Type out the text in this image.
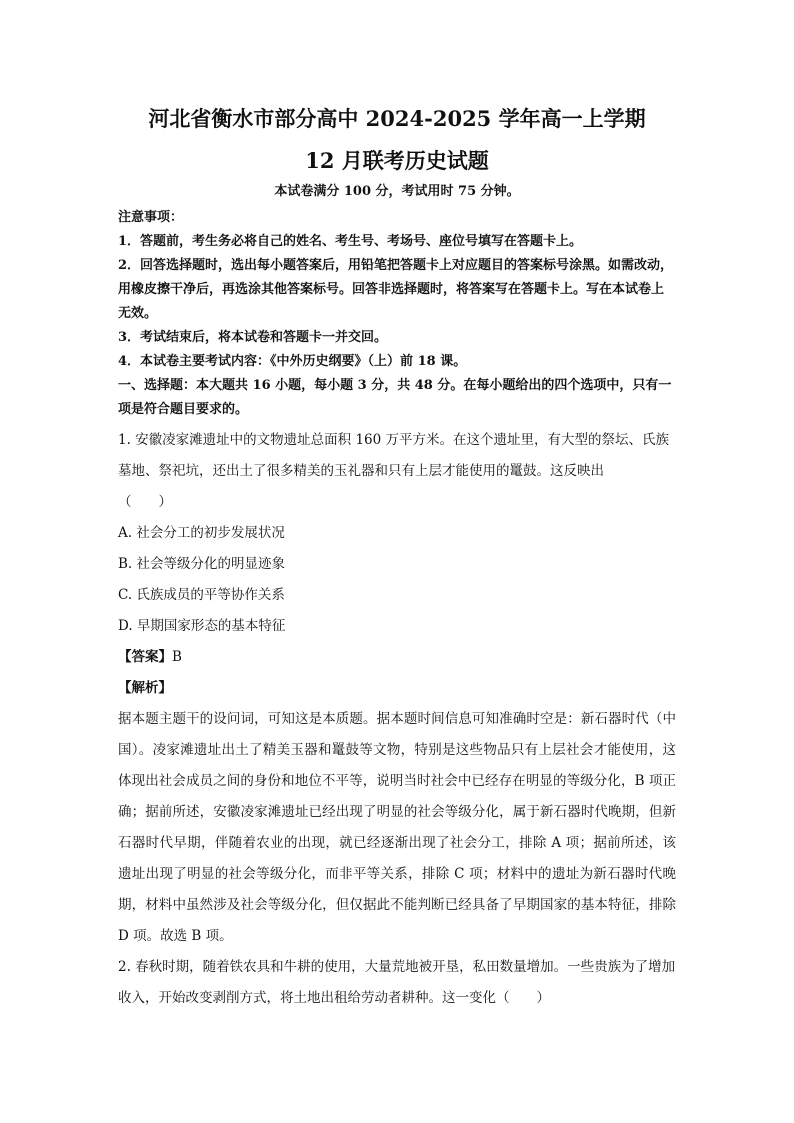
河北省衡水市部分高中 2024-2025 学年高一上学期
12 月联考历史试题
本试卷满分 100 分，考试用时 75 分钟。
注意事项：
1．答题前，考生务必将自己的姓名、考生号、考场号、座位号填写在答题卡上。
2．回答选择题时，选出每小题答案后，用铅笔把答题卡上对应题目的答案标号涂黑。如需改动，用橡皮擦干净后，再选涂其他答案标号。回答非选择题时，将答案写在答题卡上。写在本试卷上无效。
3．考试结束后，将本试卷和答题卡一并交回。
4．本试卷主要考试内容：《中外历史纲要》（上）前 18 课。
一、选择题：本大题共 16 小题，每小题 3 分，共 48 分。在每小题给出的四个选项中，只有一项是符合题目要求的。

1. 安徽凌家滩遗址中的文物遗址总面积 160 万平方米。在这个遗址里，有大型的祭坛、氏族墓地、祭祀坑，还出土了很多精美的玉礼器和只有上层才能使用的鼍鼓。这反映出

（　　）

A. 社会分工的初步发展状况

B. 社会等级分化的明显迹象

C. 氏族成员的平等协作关系

D. 早期国家形态的基本特征

【答案】B
【解析】
据本题主题干的设问词，可知这是本质题。据本题时间信息可知准确时空是：新石器时代（中国）。凌家滩遗址出土了精美玉器和鼍鼓等文物，特别是这些物品只有上层社会才能使用，这体现出社会成员之间的身份和地位不平等，说明当时社会中已经存在明显的等级分化，B 项正确；据前所述，安徽凌家滩遗址已经出现了明显的社会等级分化，属于新石器时代晚期，但新石器时代早期，伴随着农业的出现，就已经逐渐出现了社会分工，排除 A 项；据前所述，该遗址出现了明显的社会等级分化，而非平等关系，排除 C 项；材料中的遗址为新石器时代晚期，材料中虽然涉及社会等级分化，但仅据此不能判断已经具备了早期国家的基本特征，排除 D 项。故选 B 项。

2. 春秋时期，随着铁农具和牛耕的使用，大量荒地被开垦，私田数量增加。一些贵族为了增加收入，开始改变剥削方式，将土地出租给劳动者耕种。这一变化（　　）
